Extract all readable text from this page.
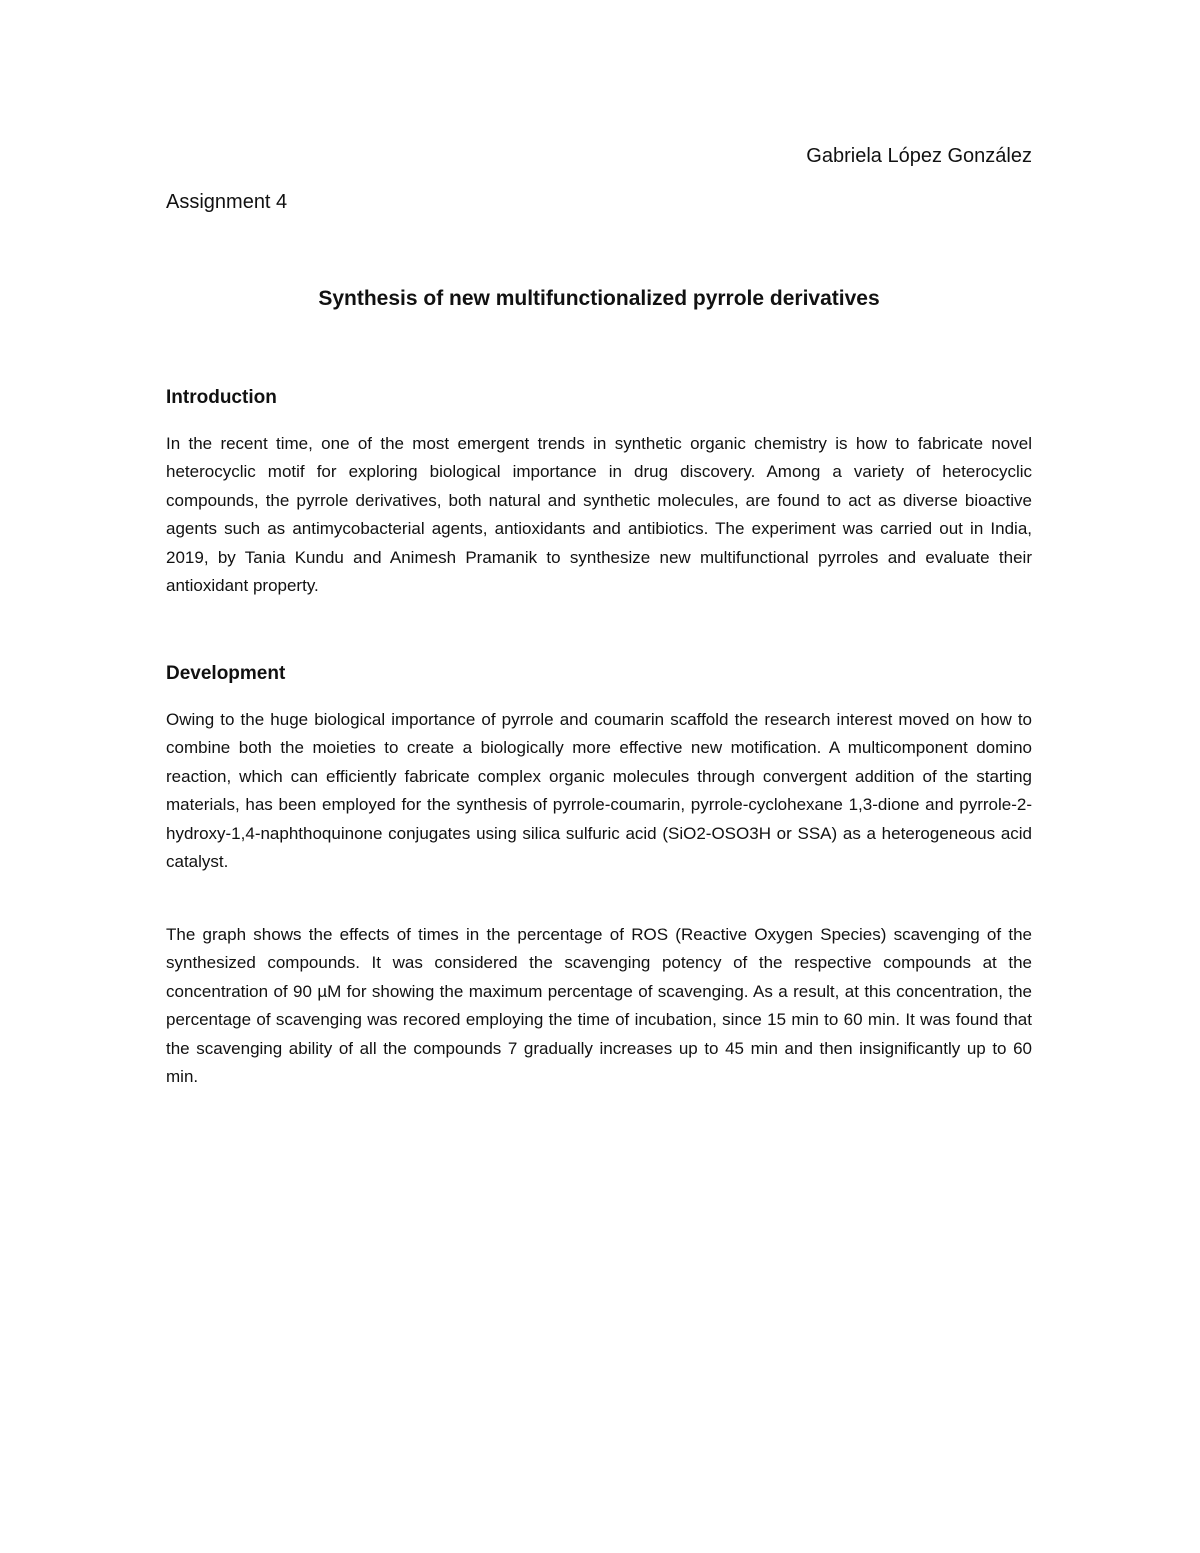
Gabriela López González
Assignment 4
Synthesis of new multifunctionalized pyrrole derivatives
Introduction

In the recent time, one of the most emergent trends in synthetic organic chemistry is how to fabricate novel heterocyclic motif for exploring biological importance in drug discovery. Among a variety of heterocyclic compounds, the pyrrole derivatives, both natural and synthetic molecules, are found to act as diverse bioactive agents such as antimycobacterial agents, antioxidants and antibiotics. The experiment was carried out in India, 2019, by Tania Kundu and Animesh Pramanik to synthesize new multifunctional pyrroles and evaluate their antioxidant property.

Development

Owing to the huge biological importance of pyrrole and coumarin scaffold the research interest moved on how to combine both the moieties to create a biologically more effective new motification. A multicomponent domino reaction, which can efficiently fabricate complex organic molecules through convergent addition of the starting materials, has been employed for the synthesis of pyrrole-coumarin, pyrrole-cyclohexane 1,3-dione and pyrrole-2-hydroxy-1,4-naphthoquinone conjugates using silica sulfuric acid (SiO2-OSO3H or SSA) as a heterogeneous acid catalyst.

The graph shows the effects of times in the percentage of ROS (Reactive Oxygen Species) scavenging of the synthesized compounds. It was considered the scavenging potency of the respective compounds at the concentration of 90 µM for showing the maximum percentage of scavenging. As a result, at this concentration, the percentage of scavenging was recored employing the time of incubation, since 15 min to 60 min. It was found that the scavenging ability of all the compounds 7 gradually increases up to 45 min and then insignificantly up to 60 min.
